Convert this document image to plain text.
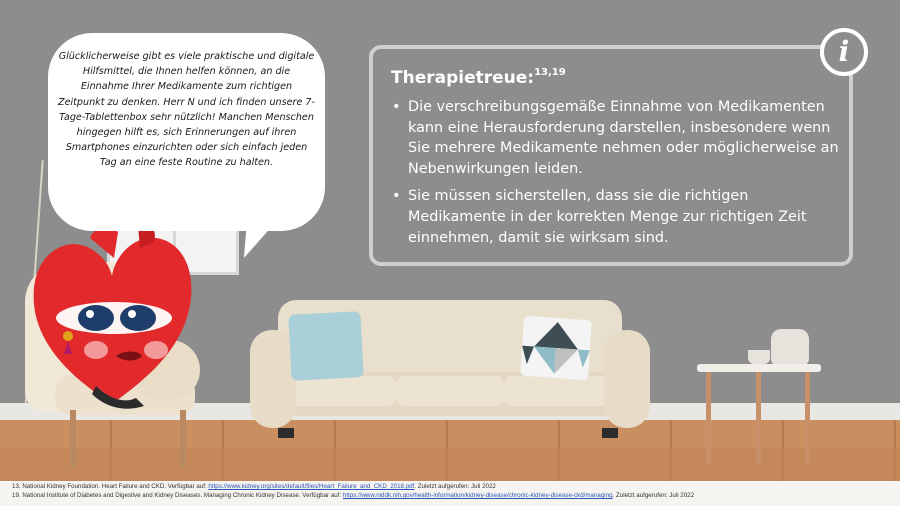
Glücklicherweise gibt es viele praktische und digitale Hilfsmittel, die Ihnen helfen können, an die Einnahme Ihrer Medikamente zum richtigen Zeitpunkt zu denken. Herr N und ich finden unsere 7-Tage-Tablettenbox sehr nützlich! Manchen Menschen hingegen hilft es, sich Erinnerungen auf ihren Smartphones einzurichten oder sich einfach jeden Tag an eine feste Routine zu halten.
i
Therapietreue:$^{13,19}$
• Die verschreibungsgemäße Einnahme von Medikamenten kann eine Herausforderung darstellen, insbesondere wenn Sie mehrere Medikamente nehmen oder möglicherweise an Nebenwirkungen leiden.
• Sie müssen sicherstellen, dass sie die richtigen Medikamente in der korrekten Menge zur richtigen Zeit einnehmen, damit sie wirksam sind.
13. National Kidney Foundation. Heart Failure and CKD. Verfügbar auf: https://www.kidney.org/sites/default/files/Heart_Failure_and_CKD_2018.pdf. Zuletzt aufgerufen: Juli 2022
19. National Institute of Diabetes and Digestive and Kidney Diseases. Managing Chronic Kidney Disease. Verfügbar auf: https://www.niddk.nih.gov/health-information/kidney-disease/chronic-kidney-disease-ckd/managing. Zuletzt aufgerufen: Juli 2022
